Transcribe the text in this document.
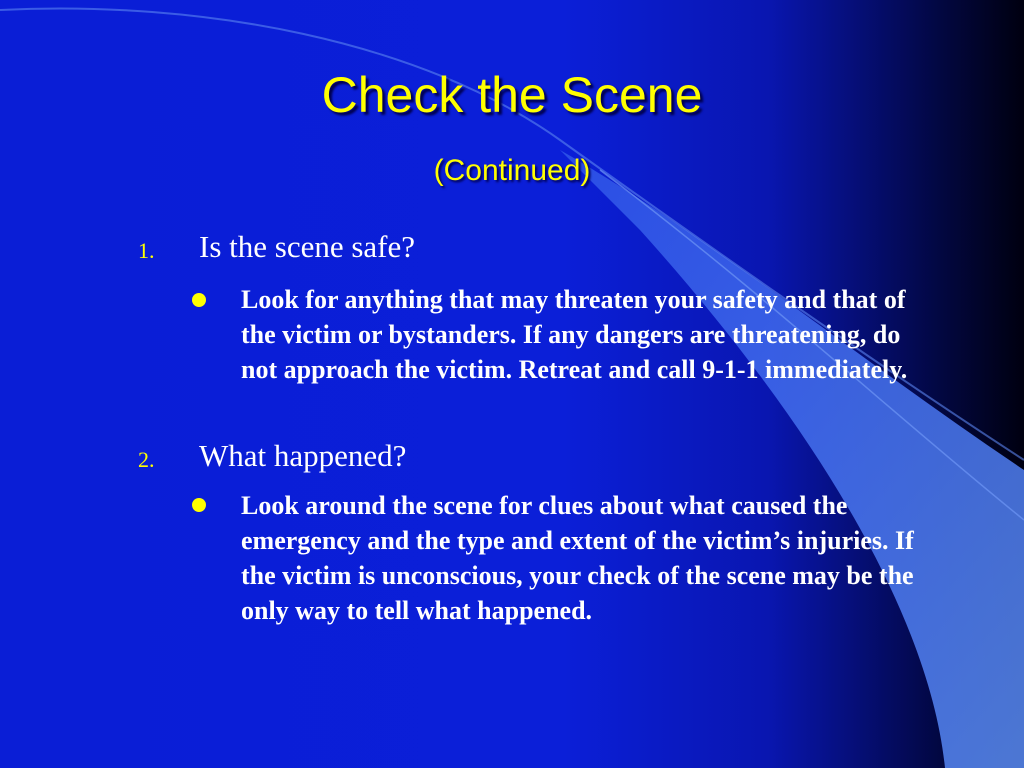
Check the Scene
(Continued)
1. Is the scene safe?
Look for anything that may threaten your safety and that of the victim or bystanders. If any dangers are threatening, do not approach the victim. Retreat and call 9-1-1 immediately.
2. What happened?
Look around the scene for clues about what caused the emergency and the type and extent of the victim’s injuries. If the victim is unconscious, your check of the scene may be the only way to tell what happened.
